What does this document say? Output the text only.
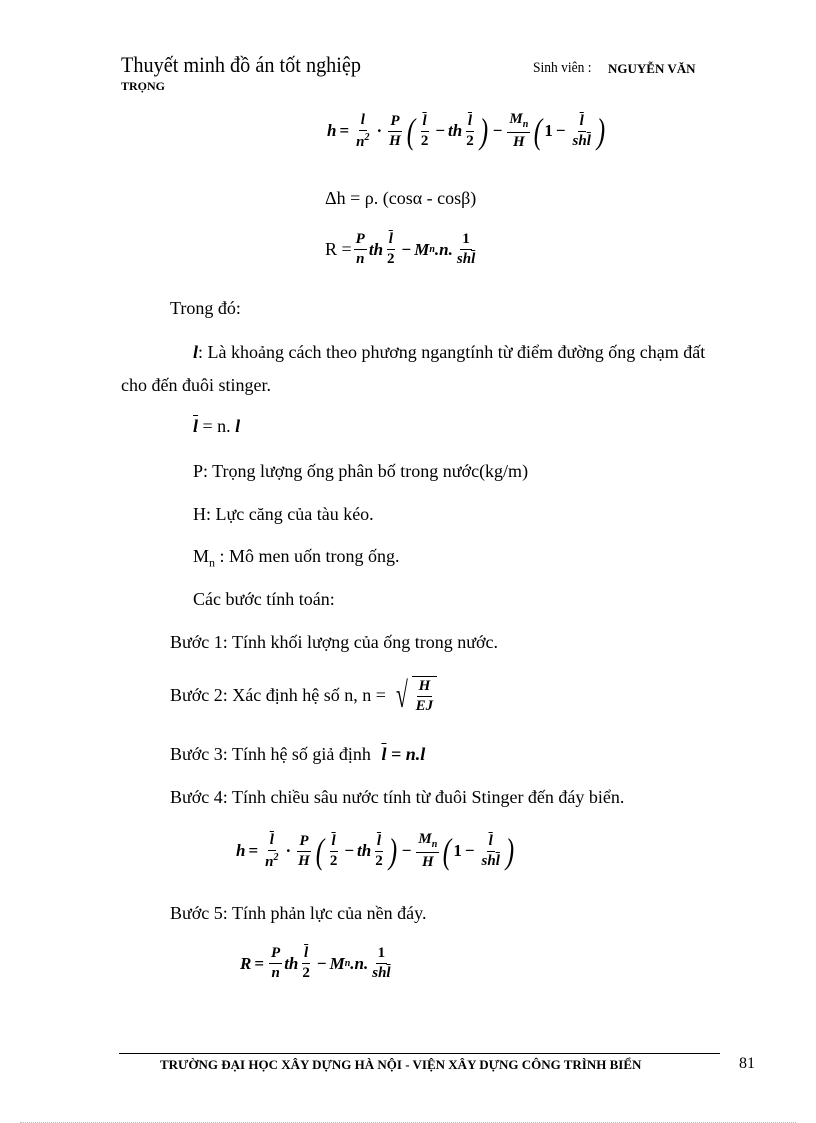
Thuyết minh đồ án tốt nghiệp	Sinh viên : NGUYỄN VĂN
TRỌNG
$h = \frac{l}{n^2} \cdot \frac{P}{H}$ ( $\frac{\overline{l}}{2}$ − th $\frac{\overline{l}}{2}$ ) − $\frac{M_n}{H}$ ( $1 - \frac{\overline{l}}{sh\overline{l}}$ )
Δh = ρ. (cosα - cosβ)
$R = \frac{P}{n}$ th $\frac{\overline{l}}{2} - M$ n .n. $\frac{1}{sh\overline{l}}$
Trong đó:
l: Là khoảng cách theo phương ngangtính từ điểm đường ống chạm đất
cho đến đuôi stinger.
$\overline{l} = n$. l
P: Trọng lượng ống phân bố trong nước(kg/m)
H: Lực căng của tàu kéo.
$M_n$ : Mô men uốn trong ống.
Các bước tính toán:
Bước 1: Tính khối lượng của ống trong nước.
Bước 2: Xác định hệ số n, n = √ $\frac{H}{EJ}$
Bước 3: Tính hệ số giả định $\overline{l} = n.l$
Bước 4: Tính chiều sâu nước tính từ đuôi Stinger đến đáy biển.
$h = \frac{\overline{l}}{n^2} \cdot \frac{P}{H}$ ( $\frac{\overline{l}}{2}$ − th $\frac{\overline{l}}{2}$ ) − $\frac{M_n}{H}$ ( $1 - \frac{\overline{l}}{sh\overline{l}}$ )
Bước 5: Tính phản lực của nền đáy.
$R = \frac{P}{n}$ th $\frac{\overline{l}}{2} - M$ n .n. $\frac{1}{sh\overline{l}}$
TRƯỜNG ĐẠI HỌC XÂY DỰNG HÀ NỘI - VIỆN XÂY DỰNG CÔNG TRÌNH BIỂN	81
